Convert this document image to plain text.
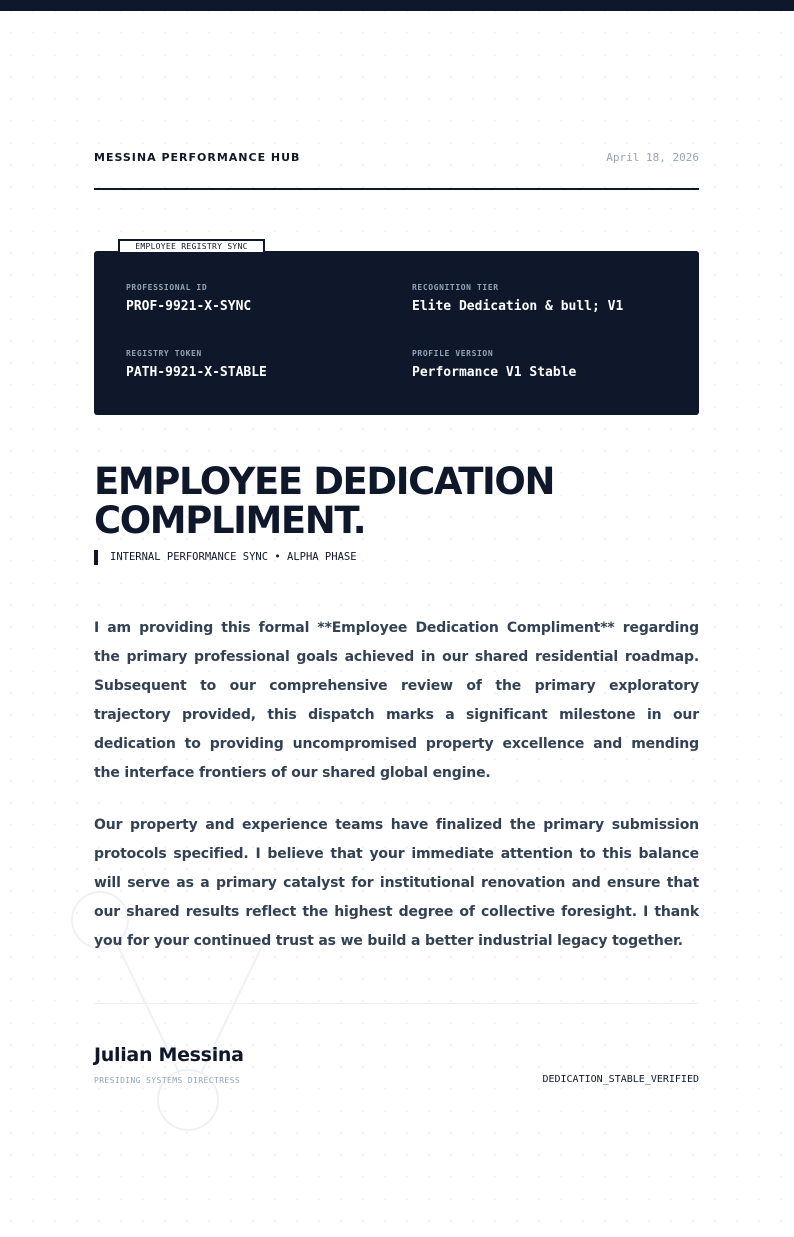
MESSINA PERFORMANCE HUB	April 18, 2026
EMPLOYEE REGISTRY SYNC
PROFESSIONAL ID
PROF-9921-X-SYNC
RECOGNITION TIER
Elite Dedication & bull; V1
REGISTRY TOKEN
PATH-9921-X-STABLE
PROFILE VERSION
Performance V1 Stable
EMPLOYEE DEDICATION
COMPLIMENT.
INTERNAL PERFORMANCE SYNC • ALPHA PHASE

I am providing this formal **Employee Dedication Compliment** regarding the primary professional goals achieved in our shared residential roadmap. Subsequent to our comprehensive review of the primary exploratory trajectory provided, this dispatch marks a significant milestone in our dedication to providing uncompromised property excellence and mending the interface frontiers of our shared global engine.

Our property and experience teams have finalized the primary submission protocols specified. I believe that your immediate attention to this balance will serve as a primary catalyst for institutional renovation and ensure that our shared results reflect the highest degree of collective foresight. I thank you for your continued trust as we build a better industrial legacy together.

Julian Messina
PRESIDING SYSTEMS DIRECTRESS	DEDICATION_STABLE_VERIFIED
